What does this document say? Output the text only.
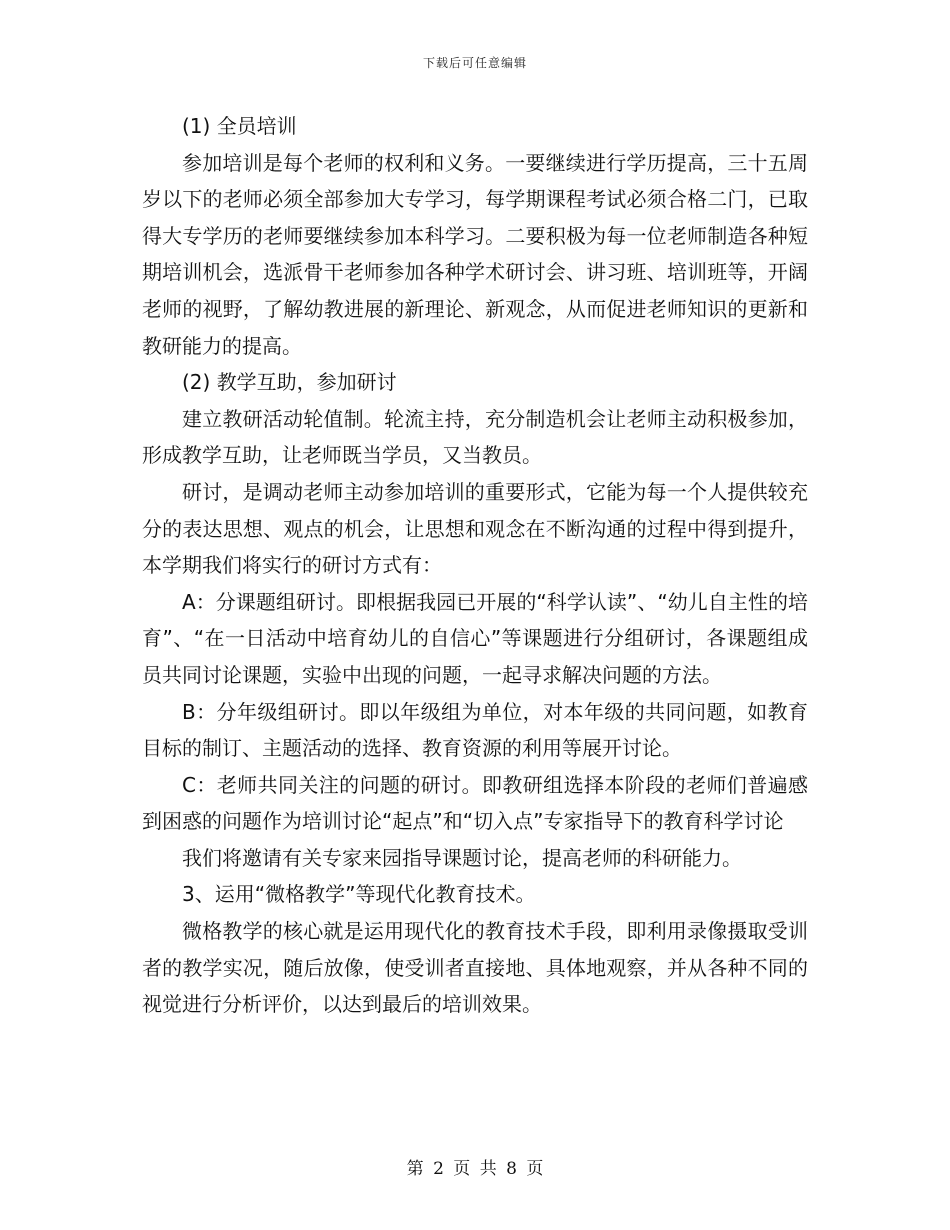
下载后可任意编辑

(1) 全员培训

参加培训是每个老师的权利和义务。一要继续进行学历提高，三十五周岁以下的老师必须全部参加大专学习，每学期课程考试必须合格二门，已取得大专学历的老师要继续参加本科学习。二要积极为每一位老师制造各种短期培训机会，选派骨干老师参加各种学术研讨会、讲习班、培训班等，开阔老师的视野，了解幼教进展的新理论、新观念，从而促进老师知识的更新和教研能力的提高。

(2) 教学互助，参加研讨

建立教研活动轮值制。轮流主持，充分制造机会让老师主动积极参加，形成教学互助，让老师既当学员，又当教员。

研讨，是调动老师主动参加培训的重要形式，它能为每一个人提供较充分的表达思想、观点的机会，让思想和观念在不断沟通的过程中得到提升，本学期我们将实行的研讨方式有：

A：分课题组研讨。即根据我园已开展的“科学认读”、“幼儿自主性的培育”、“在一日活动中培育幼儿的自信心”等课题进行分组研讨，各课题组成员共同讨论课题，实验中出现的问题，一起寻求解决问题的方法。

B：分年级组研讨。即以年级组为单位，对本年级的共同问题，如教育目标的制订、主题活动的选择、教育资源的利用等展开讨论。

C：老师共同关注的问题的研讨。即教研组选择本阶段的老师们普遍感到困惑的问题作为培训讨论“起点”和“切入点”专家指导下的教育科学讨论

我们将邀请有关专家来园指导课题讨论，提高老师的科研能力。

3、运用“微格教学”等现代化教育技术。

微格教学的核心就是运用现代化的教育技术手段，即利用录像摄取受训者的教学实况，随后放像，使受训者直接地、具体地观察，并从各种不同的视觉进行分析评价，以达到最后的培训效果。

第 2 页 共 8 页
